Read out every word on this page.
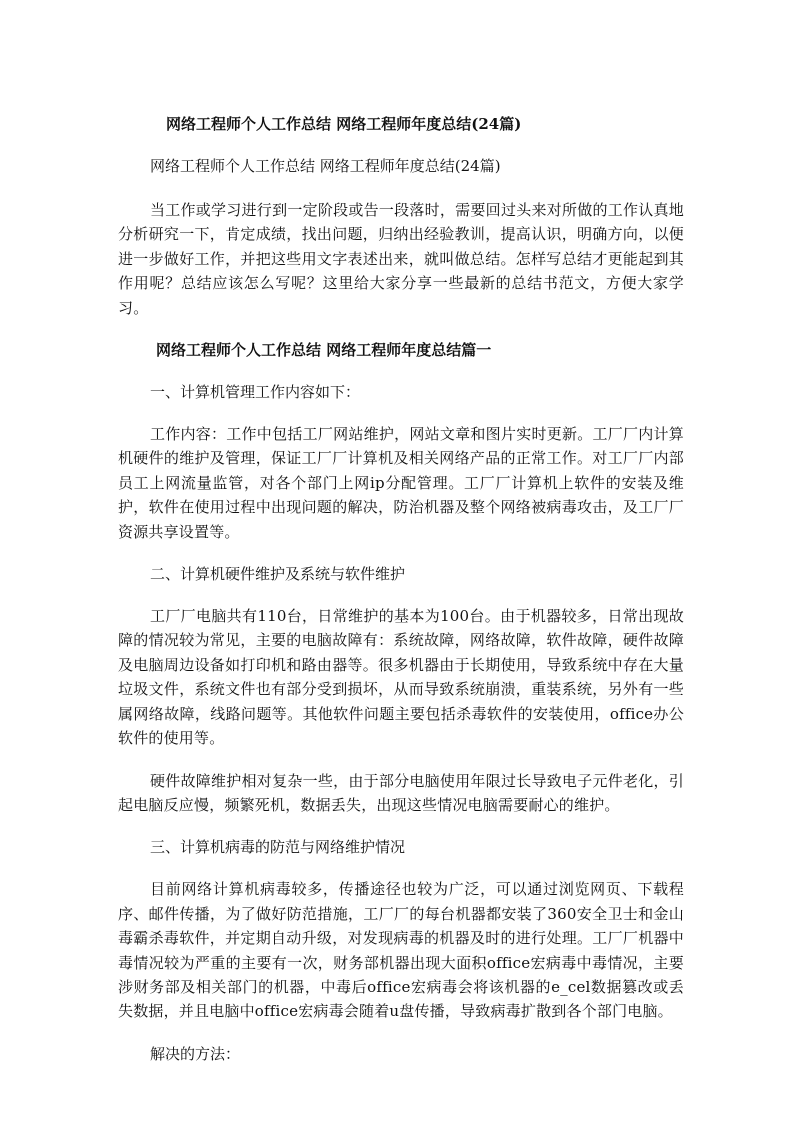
网络工程师个人工作总结 网络工程师年度总结(24篇)
网络工程师个人工作总结 网络工程师年度总结(24篇)

当工作或学习进行到一定阶段或告一段落时，需要回过头来对所做的工作认真地分析研究一下，肯定成绩，找出问题，归纳出经验教训，提高认识，明确方向，以便进一步做好工作，并把这些用文字表述出来，就叫做总结。怎样写总结才更能起到其作用呢？总结应该怎么写呢？这里给大家分享一些最新的总结书范文，方便大家学习。

网络工程师个人工作总结 网络工程师年度总结篇一
一、计算机管理工作内容如下：

工作内容：工作中包括工厂网站维护，网站文章和图片实时更新。工厂厂内计算机硬件的维护及管理，保证工厂厂计算机及相关网络产品的正常工作。对工厂厂内部员工上网流量监管，对各个部门上网ip分配管理。工厂厂计算机上软件的安装及维护，软件在使用过程中出现问题的解决，防治机器及整个网络被病毒攻击，及工厂厂资源共享设置等。

二、计算机硬件维护及系统与软件维护

工厂厂电脑共有110台，日常维护的基本为100台。由于机器较多，日常出现故障的情况较为常见，主要的电脑故障有：系统故障，网络故障，软件故障，硬件故障及电脑周边设备如打印机和路由器等。很多机器由于长期使用，导致系统中存在大量垃圾文件，系统文件也有部分受到损坏，从而导致系统崩溃，重装系统，另外有一些属网络故障，线路问题等。其他软件问题主要包括杀毒软件的安装使用，office办公软件的使用等。

硬件故障维护相对复杂一些，由于部分电脑使用年限过长导致电子元件老化，引起电脑反应慢，频繁死机，数据丢失，出现这些情况电脑需要耐心的维护。

三、计算机病毒的防范与网络维护情况

目前网络计算机病毒较多，传播途径也较为广泛，可以通过浏览网页、下载程序、邮件传播，为了做好防范措施，工厂厂的每台机器都安装了360安全卫士和金山毒霸杀毒软件，并定期自动升级，对发现病毒的机器及时的进行处理。工厂厂机器中毒情况较为严重的主要有一次，财务部机器出现大面积office宏病毒中毒情况，主要涉财务部及相关部门的机器，中毒后office宏病毒会将该机器的e_cel数据篡改或丢失数据，并且电脑中office宏病毒会随着u盘传播，导致病毒扩散到各个部门电脑。

解决的方法：
